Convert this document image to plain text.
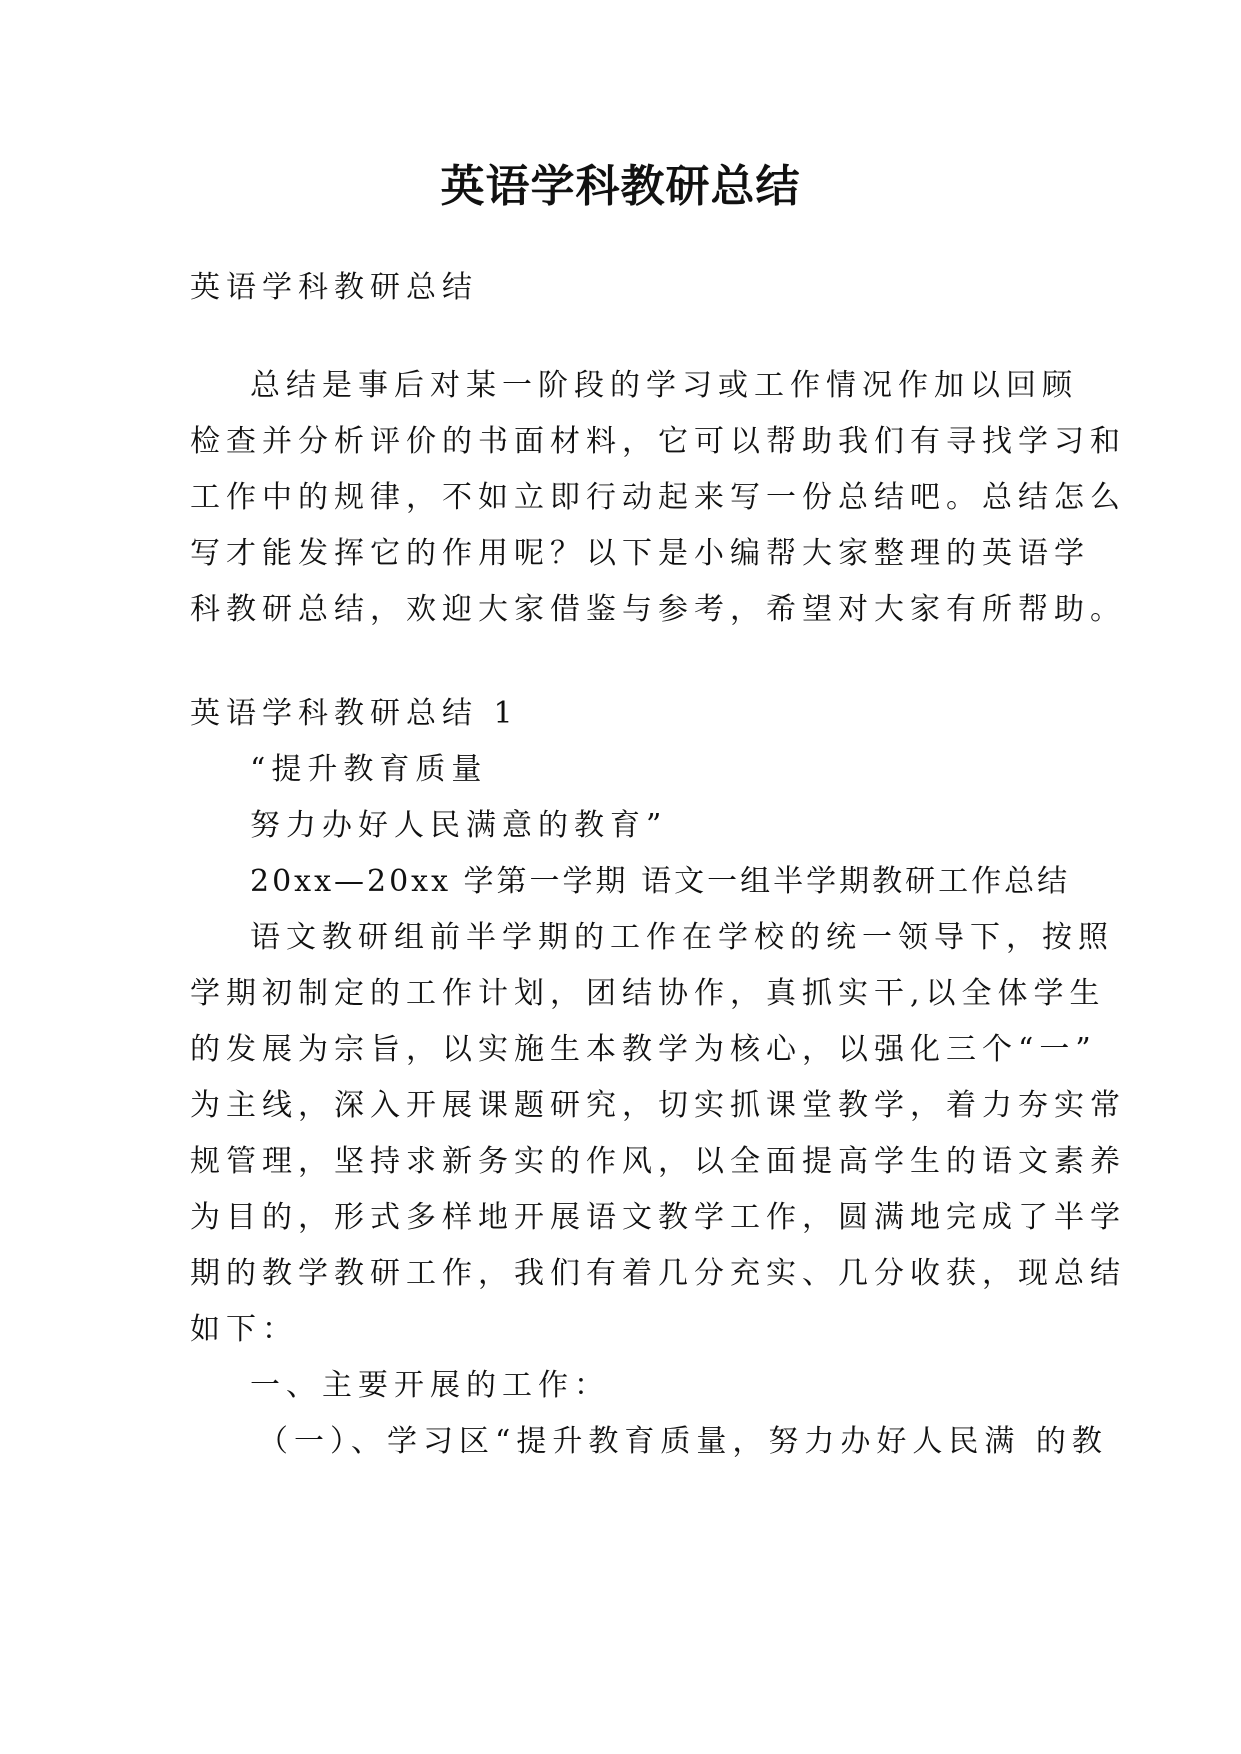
英语学科教研总结
英语学科教研总结
总结是事后对某一阶段的学习或工作情况作加以回顾
检查并分析评价的书面材料，它可以帮助我们有寻找学习和
工作中的规律，不如立即行动起来写一份总结吧。总结怎么
写才能发挥它的作用呢？以下是小编帮大家整理的英语学
科教研总结，欢迎大家借鉴与参考，希望对大家有所帮助。
英语学科教研总结 1
“提升教育质量
努力办好人民满意的教育”
20xx—20xx 学第一学期 语文一组半学期教研工作总结
语文教研组前半学期的工作在学校的统一领导下，按照
学期初制定的工作计划，团结协作，真抓实干,以全体学生
的发展为宗旨，以实施生本教学为核心，以强化三个“一”
为主线，深入开展课题研究，切实抓课堂教学，着力夯实常
规管理，坚持求新务实的作风，以全面提高学生的语文素养
为目的，形式多样地开展语文教学工作，圆满地完成了半学
期的教学教研工作，我们有着几分充实、几分收获，现总结
如下：
一、主要开展的工作：
（一）、学习区“提升教育质量，努力办好人民满 的教
